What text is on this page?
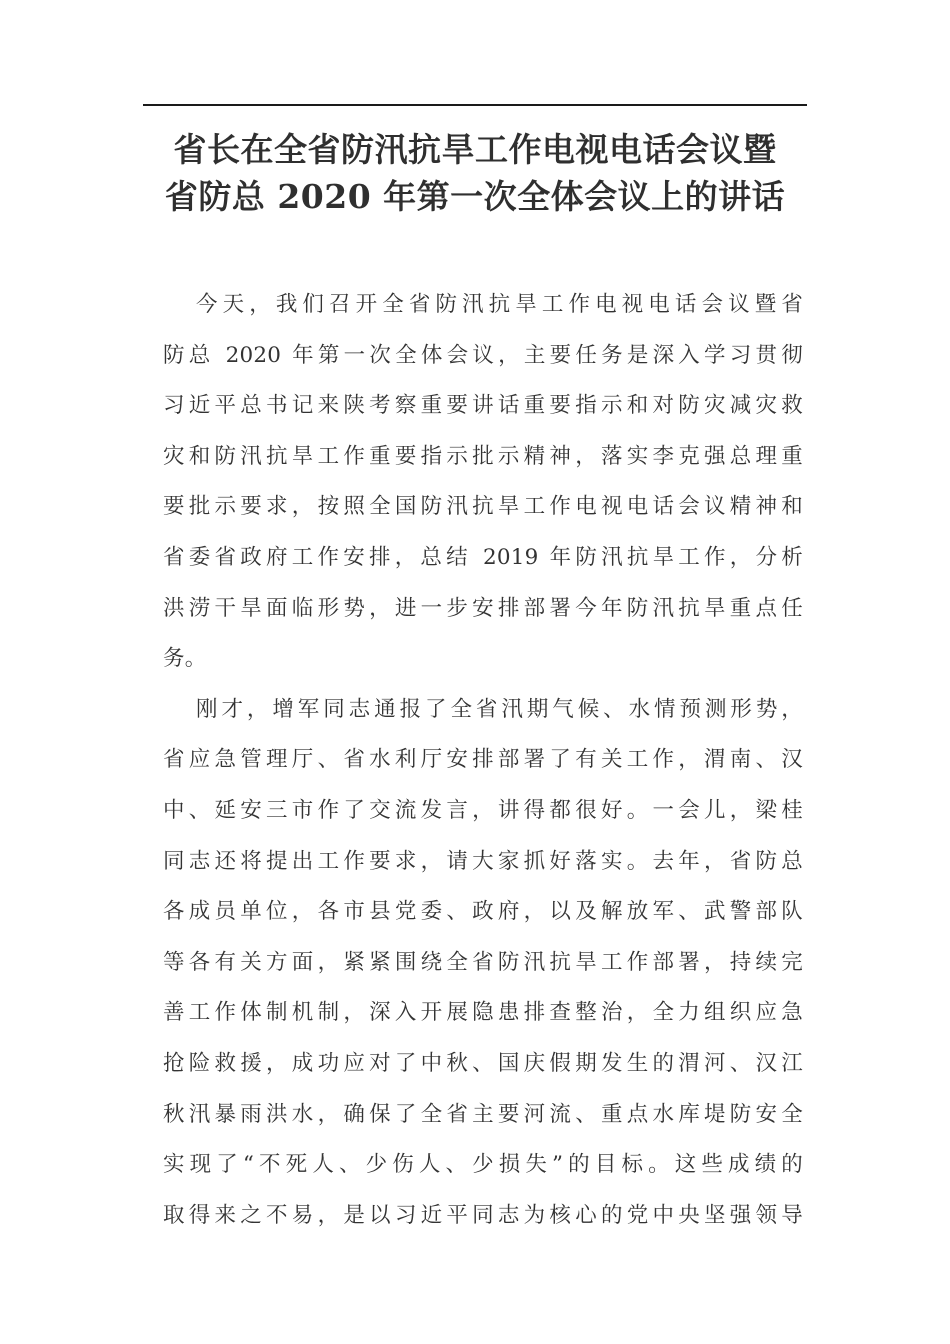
省长在全省防汛抗旱工作电视电话会议暨
省防总 2020 年第一次全体会议上的讲话
今天，我们召开全省防汛抗旱工作电视电话会议暨省
防总 2020 年第一次全体会议，主要任务是深入学习贯彻
习近平总书记来陕考察重要讲话重要指示和对防灾减灾救
灾和防汛抗旱工作重要指示批示精神，落实李克强总理重
要批示要求，按照全国防汛抗旱工作电视电话会议精神和
省委省政府工作安排，总结 2019 年防汛抗旱工作，分析
洪涝干旱面临形势，进一步安排部署今年防汛抗旱重点任
务。
刚才，增军同志通报了全省汛期气候、水情预测形势，
省应急管理厅、省水利厅安排部署了有关工作，渭南、汉
中、延安三市作了交流发言，讲得都很好。一会儿，梁桂
同志还将提出工作要求，请大家抓好落实。去年，省防总
各成员单位，各市县党委、政府，以及解放军、武警部队
等各有关方面，紧紧围绕全省防汛抗旱工作部署，持续完
善工作体制机制，深入开展隐患排查整治，全力组织应急
抢险救援，成功应对了中秋、国庆假期发生的渭河、汉江
秋汛暴雨洪水，确保了全省主要河流、重点水库堤防安全
实现了“不死人、少伤人、少损失”的目标。这些成绩的
取得来之不易，是以习近平同志为核心的党中央坚强领导
